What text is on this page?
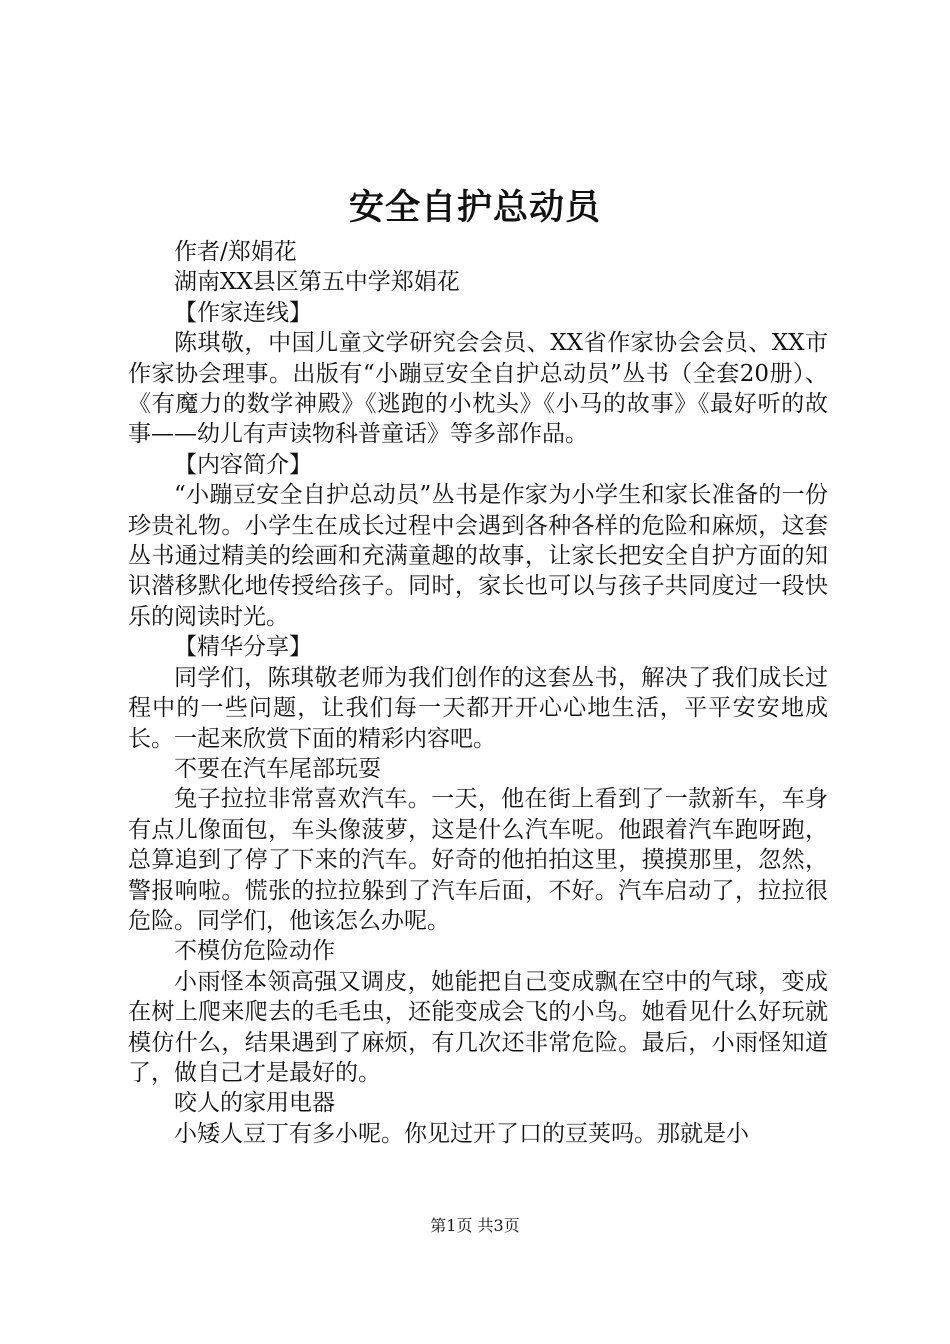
安全自护总动员

作者/郑娟花

湖南XX县区第五中学郑娟花

【作家连线】

陈琪敬，中国儿童文学研究会会员、XX省作家协会会员、XX市作家协会理事。出版有“小蹦豆安全自护总动员”丛书（全套20册）、《有魔力的数学神殿》《逃跑的小枕头》《小马的故事》《最好听的故事——幼儿有声读物科普童话》等多部作品。

【内容简介】

“小蹦豆安全自护总动员”丛书是作家为小学生和家长准备的一份珍贵礼物。小学生在成长过程中会遇到各种各样的危险和麻烦，这套丛书通过精美的绘画和充满童趣的故事，让家长把安全自护方面的知识潜移默化地传授给孩子。同时，家长也可以与孩子共同度过一段快乐的阅读时光。

【精华分享】

同学们，陈琪敬老师为我们创作的这套丛书，解决了我们成长过程中的一些问题，让我们每一天都开开心心地生活，平平安安地成长。一起来欣赏下面的精彩内容吧。

不要在汽车尾部玩耍

兔子拉拉非常喜欢汽车。一天，他在街上看到了一款新车，车身有点儿像面包，车头像菠萝，这是什么汽车呢。他跟着汽车跑呀跑，总算追到了停了下来的汽车。好奇的他拍拍这里，摸摸那里，忽然，警报响啦。慌张的拉拉躲到了汽车后面，不好。汽车启动了，拉拉很危险。同学们，他该怎么办呢。

不模仿危险动作

小雨怪本领高强又调皮，她能把自己变成飘在空中的气球，变成在树上爬来爬去的毛毛虫，还能变成会飞的小鸟。她看见什么好玩就模仿什么，结果遇到了麻烦，有几次还非常危险。最后，小雨怪知道了，做自己才是最好的。

咬人的家用电器

小矮人豆丁有多小呢。你见过开了口的豆荚吗。那就是小

第1页 共3页
